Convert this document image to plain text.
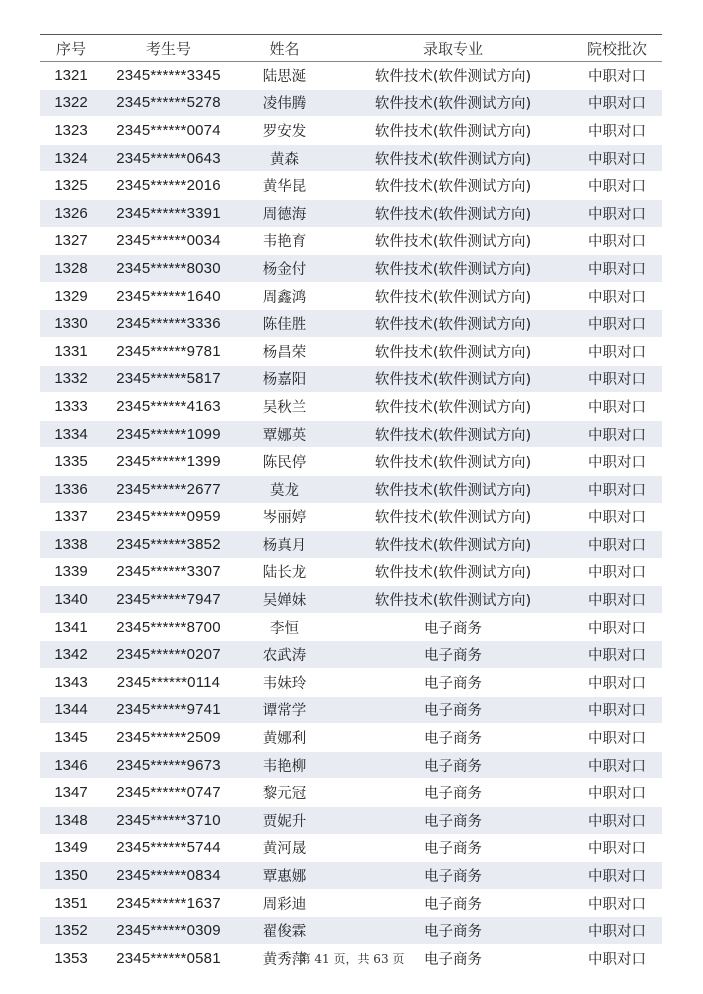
序号	考生号	姓名	录取专业	院校批次
1321	2345******3345	陆思涎	软件技术(软件测试方向)	中职对口
1322	2345******5278	凌伟腾	软件技术(软件测试方向)	中职对口
1323	2345******0074	罗安发	软件技术(软件测试方向)	中职对口
1324	2345******0643	黄森	软件技术(软件测试方向)	中职对口
1325	2345******2016	黄华昆	软件技术(软件测试方向)	中职对口
1326	2345******3391	周德海	软件技术(软件测试方向)	中职对口
1327	2345******0034	韦艳育	软件技术(软件测试方向)	中职对口
1328	2345******8030	杨金付	软件技术(软件测试方向)	中职对口
1329	2345******1640	周鑫鸿	软件技术(软件测试方向)	中职对口
1330	2345******3336	陈佳胜	软件技术(软件测试方向)	中职对口
1331	2345******9781	杨昌荣	软件技术(软件测试方向)	中职对口
1332	2345******5817	杨嘉阳	软件技术(软件测试方向)	中职对口
1333	2345******4163	吴秋兰	软件技术(软件测试方向)	中职对口
1334	2345******1099	覃娜英	软件技术(软件测试方向)	中职对口
1335	2345******1399	陈民停	软件技术(软件测试方向)	中职对口
1336	2345******2677	莫龙	软件技术(软件测试方向)	中职对口
1337	2345******0959	岑丽婷	软件技术(软件测试方向)	中职对口
1338	2345******3852	杨真月	软件技术(软件测试方向)	中职对口
1339	2345******3307	陆长龙	软件技术(软件测试方向)	中职对口
1340	2345******7947	吴婵妹	软件技术(软件测试方向)	中职对口
1341	2345******8700	李恒	电子商务	中职对口
1342	2345******0207	农武涛	电子商务	中职对口
1343	2345******0114	韦妹玲	电子商务	中职对口
1344	2345******9741	谭常学	电子商务	中职对口
1345	2345******2509	黄娜利	电子商务	中职对口
1346	2345******9673	韦艳柳	电子商务	中职对口
1347	2345******0747	黎元冠	电子商务	中职对口
1348	2345******3710	贾妮升	电子商务	中职对口
1349	2345******5744	黄河晟	电子商务	中职对口
1350	2345******0834	覃惠娜	电子商务	中职对口
1351	2345******1637	周彩迪	电子商务	中职对口
1352	2345******0309	翟俊霖	电子商务	中职对口
1353	2345******0581	黄秀萍	电子商务	中职对口
第 41 页，共 63 页
